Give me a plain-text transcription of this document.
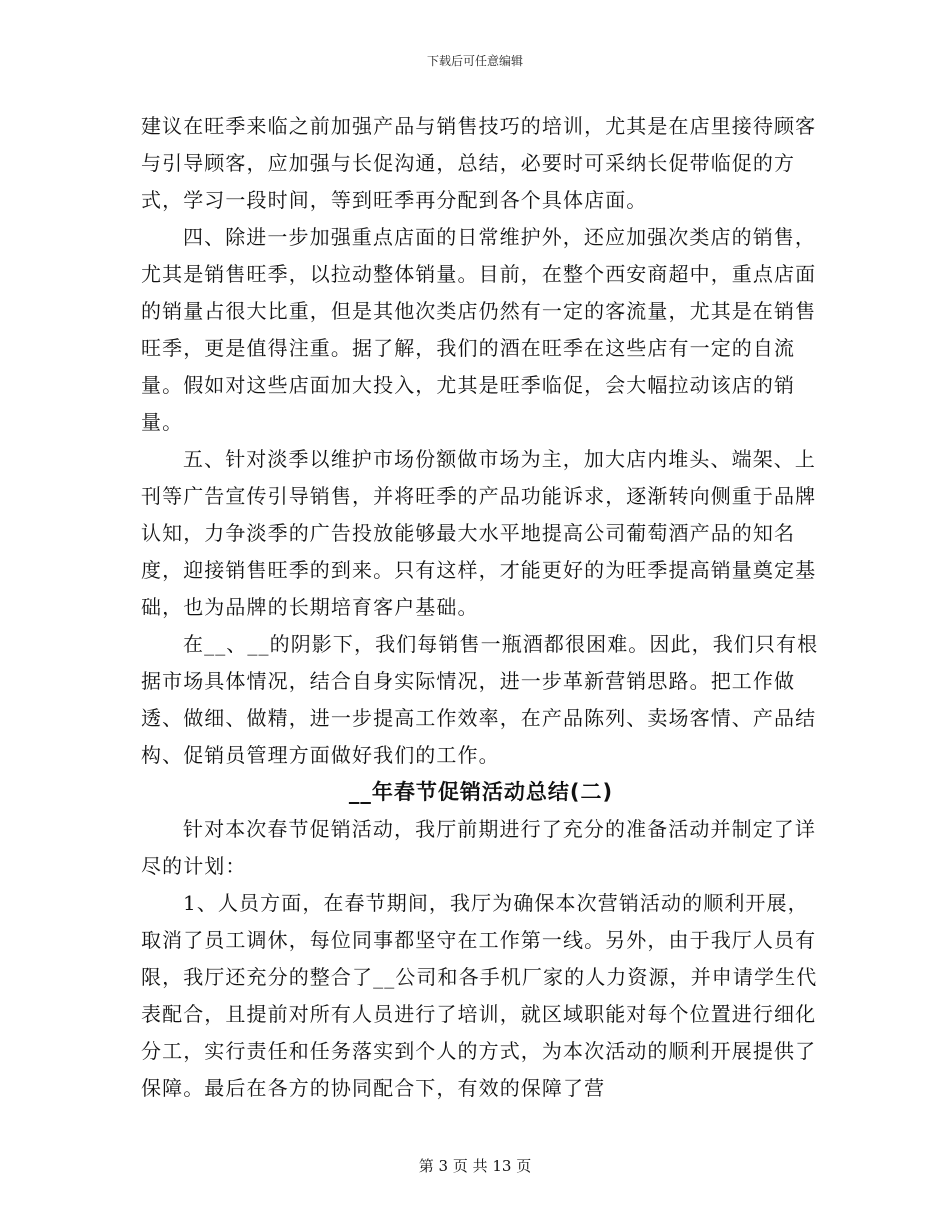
下载后可任意编辑

建议在旺季来临之前加强产品与销售技巧的培训，尤其是在店里接待顾客与引导顾客，应加强与长促沟通，总结，必要时可采纳长促带临促的方式，学习一段时间，等到旺季再分配到各个具体店面。

四、除进一步加强重点店面的日常维护外，还应加强次类店的销售，尤其是销售旺季，以拉动整体销量。目前，在整个西安商超中，重点店面的销量占很大比重，但是其他次类店仍然有一定的客流量，尤其是在销售旺季，更是值得注重。据了解，我们的酒在旺季在这些店有一定的自流量。假如对这些店面加大投入，尤其是旺季临促，会大幅拉动该店的销量。

五、针对淡季以维护市场份额做市场为主，加大店内堆头、端架、上刊等广告宣传引导销售，并将旺季的产品功能诉求，逐渐转向侧重于品牌认知，力争淡季的广告投放能够最大水平地提高公司葡萄酒产品的知名度，迎接销售旺季的到来。只有这样，才能更好的为旺季提高销量奠定基础，也为品牌的长期培育客户基础。

在__、__的阴影下，我们每销售一瓶酒都很困难。因此，我们只有根据市场具体情况，结合自身实际情况，进一步革新营销思路。把工作做透、做细、做精，进一步提高工作效率，在产品陈列、卖场客情、产品结构、促销员管理方面做好我们的工作。

__年春节促销活动总结(二)

针对本次春节促销活动，我厅前期进行了充分的准备活动并制定了详尽的计划：

1、人员方面，在春节期间，我厅为确保本次营销活动的顺利开展，取消了员工调休，每位同事都坚守在工作第一线。另外，由于我厅人员有限，我厅还充分的整合了__公司和各手机厂家的人力资源，并申请学生代表配合，且提前对所有人员进行了培训，就区域职能对每个位置进行细化分工，实行责任和任务落实到个人的方式，为本次活动的顺利开展提供了保障。最后在各方的协同配合下，有效的保障了营

第 3 页 共 13 页
